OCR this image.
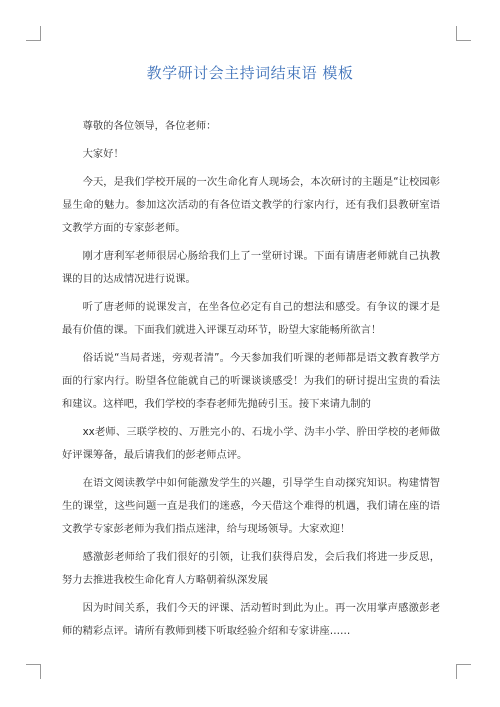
教学研讨会主持词结束语 模板

尊敬的各位领导，各位老师：

大家好！

今天，是我们学校开展的一次生命化育人现场会，本次研讨的主题是“让校园彰显生命的魅力。参加这次活动的有各位语文教学的行家内行，还有我们县教研室语文教学方面的专家彭老师。

刚才唐利军老师很居心肠给我们上了一堂研讨课。下面有请唐老师就自己执教课的目的达成情况进行说课。

听了唐老师的说课发言，在坐各位必定有自己的想法和感受。有争议的课才是最有价值的课。下面我们就进入评课互动环节，盼望大家能畅所欲言！

俗话说“当局者迷，旁观者清”。今天参加我们听课的老师都是语文教育教学方面的行家内行。盼望各位能就自己的听课谈谈感受！为我们的研讨提出宝贵的看法和建议。这样吧，我们学校的李春老师先抛砖引玉。接下来请九制的

xx老师、三联学校的、万胜完小的、石垅小学、沩丰小学、肸田学校的老师做好评课筹备，最后请我们的彭老师点评。

在语文阅读教学中如何能激发学生的兴趣，引导学生自动探究知识。构建情智生的课堂，这些问题一直是我们的迷惑，今天借这个难得的机遇，我们请在座的语文教学专家彭老师为我们指点迷津，给与现场领导。大家欢迎！

感激彭老师给了我们很好的引领，让我们获得启发，会后我们将进一步反思，努力去推进我校生命化育人方略朝着纵深发展

因为时间关系，我们今天的评课、活动暂时到此为止。再一次用掌声感激彭老师的精彩点评。请所有教师到楼下听取经验介绍和专家讲座……
